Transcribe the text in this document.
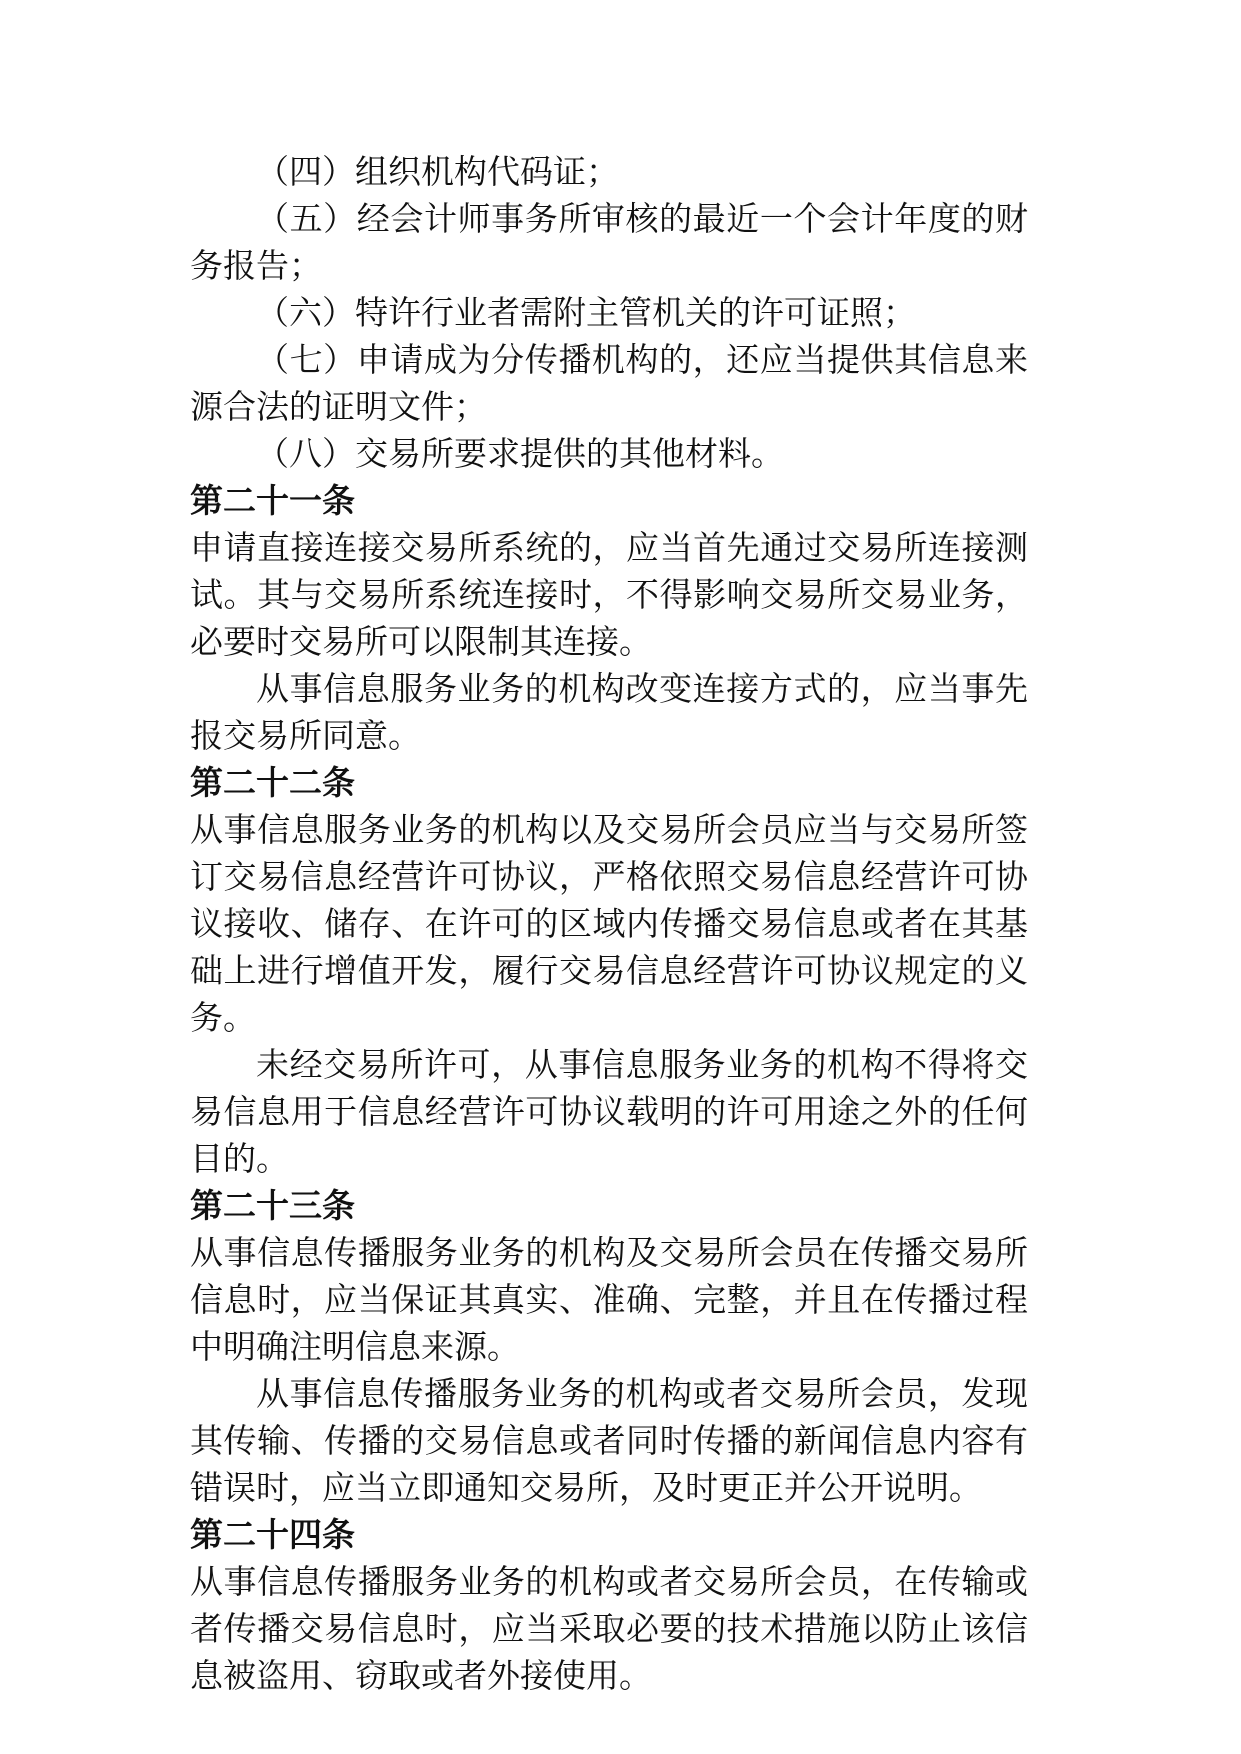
（四）组织机构代码证；

（五）经会计师事务所审核的最近一个会计年度的财务报告；

（六）特许行业者需附主管机关的许可证照；

（七）申请成为分传播机构的，还应当提供其信息来源合法的证明文件；

（八）交易所要求提供的其他材料。

第二十一条

申请直接连接交易所系统的，应当首先通过交易所连接测试。其与交易所系统连接时，不得影响交易所交易业务，必要时交易所可以限制其连接。

从事信息服务业务的机构改变连接方式的，应当事先报交易所同意。

第二十二条

从事信息服务业务的机构以及交易所会员应当与交易所签订交易信息经营许可协议，严格依照交易信息经营许可协议接收、储存、在许可的区域内传播交易信息或者在其基础上进行增值开发，履行交易信息经营许可协议规定的义务。

未经交易所许可，从事信息服务业务的机构不得将交易信息用于信息经营许可协议载明的许可用途之外的任何目的。

第二十三条

从事信息传播服务业务的机构及交易所会员在传播交易所信息时，应当保证其真实、准确、完整，并且在传播过程中明确注明信息来源。

从事信息传播服务业务的机构或者交易所会员，发现其传输、传播的交易信息或者同时传播的新闻信息内容有错误时，应当立即通知交易所，及时更正并公开说明。

第二十四条

从事信息传播服务业务的机构或者交易所会员，在传输或者传播交易信息时，应当采取必要的技术措施以防止该信息被盗用、窃取或者外接使用。
